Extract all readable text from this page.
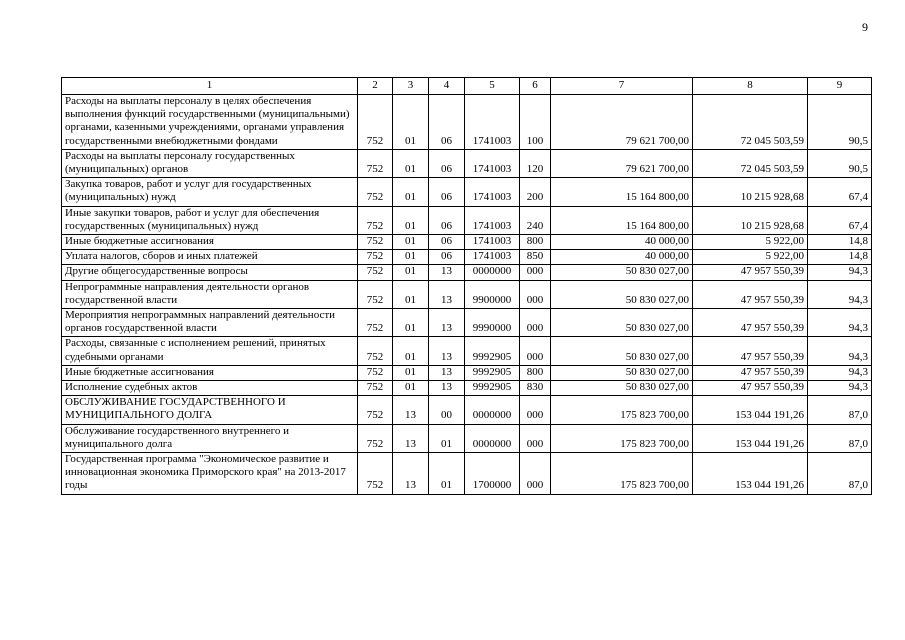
9
1	2	3	4	5	6	7	8	9
Расходы на выплаты персоналу в целях обеспечения выполнения функций государственными (муниципальными) органами, казенными учреждениями, органами управления государственными внебюджетными фондами	752	01	06	1741003	100	79 621 700,00	72 045 503,59	90,5
Расходы на выплаты персоналу государственных (муниципальных) органов	752	01	06	1741003	120	79 621 700,00	72 045 503,59	90,5
Закупка товаров, работ и услуг для государственных (муниципальных) нужд	752	01	06	1741003	200	15 164 800,00	10 215 928,68	67,4
Иные закупки товаров, работ и услуг для обеспечения государственных (муниципальных) нужд	752	01	06	1741003	240	15 164 800,00	10 215 928,68	67,4
Иные бюджетные ассигнования	752	01	06	1741003	800	40 000,00	5 922,00	14,8
Уплата налогов, сборов и иных платежей	752	01	06	1741003	850	40 000,00	5 922,00	14,8
Другие общегосударственные вопросы	752	01	13	0000000	000	50 830 027,00	47 957 550,39	94,3
Непрограммные направления деятельности органов государственной власти	752	01	13	9900000	000	50 830 027,00	47 957 550,39	94,3
Мероприятия непрограммных направлений деятельности органов государственной власти	752	01	13	9990000	000	50 830 027,00	47 957 550,39	94,3
Расходы, связанные с исполнением решений, принятых судебными органами	752	01	13	9992905	000	50 830 027,00	47 957 550,39	94,3
Иные бюджетные ассигнования	752	01	13	9992905	800	50 830 027,00	47 957 550,39	94,3
Исполнение судебных актов	752	01	13	9992905	830	50 830 027,00	47 957 550,39	94,3
ОБСЛУЖИВАНИЕ ГОСУДАРСТВЕННОГО И МУНИЦИПАЛЬНОГО ДОЛГА	752	13	00	0000000	000	175 823 700,00	153 044 191,26	87,0
Обслуживание государственного внутреннего и муниципального долга	752	13	01	0000000	000	175 823 700,00	153 044 191,26	87,0
Государственная программа "Экономическое развитие и инновационная экономика Приморского края" на 2013-2017 годы	752	13	01	1700000	000	175 823 700,00	153 044 191,26	87,0
